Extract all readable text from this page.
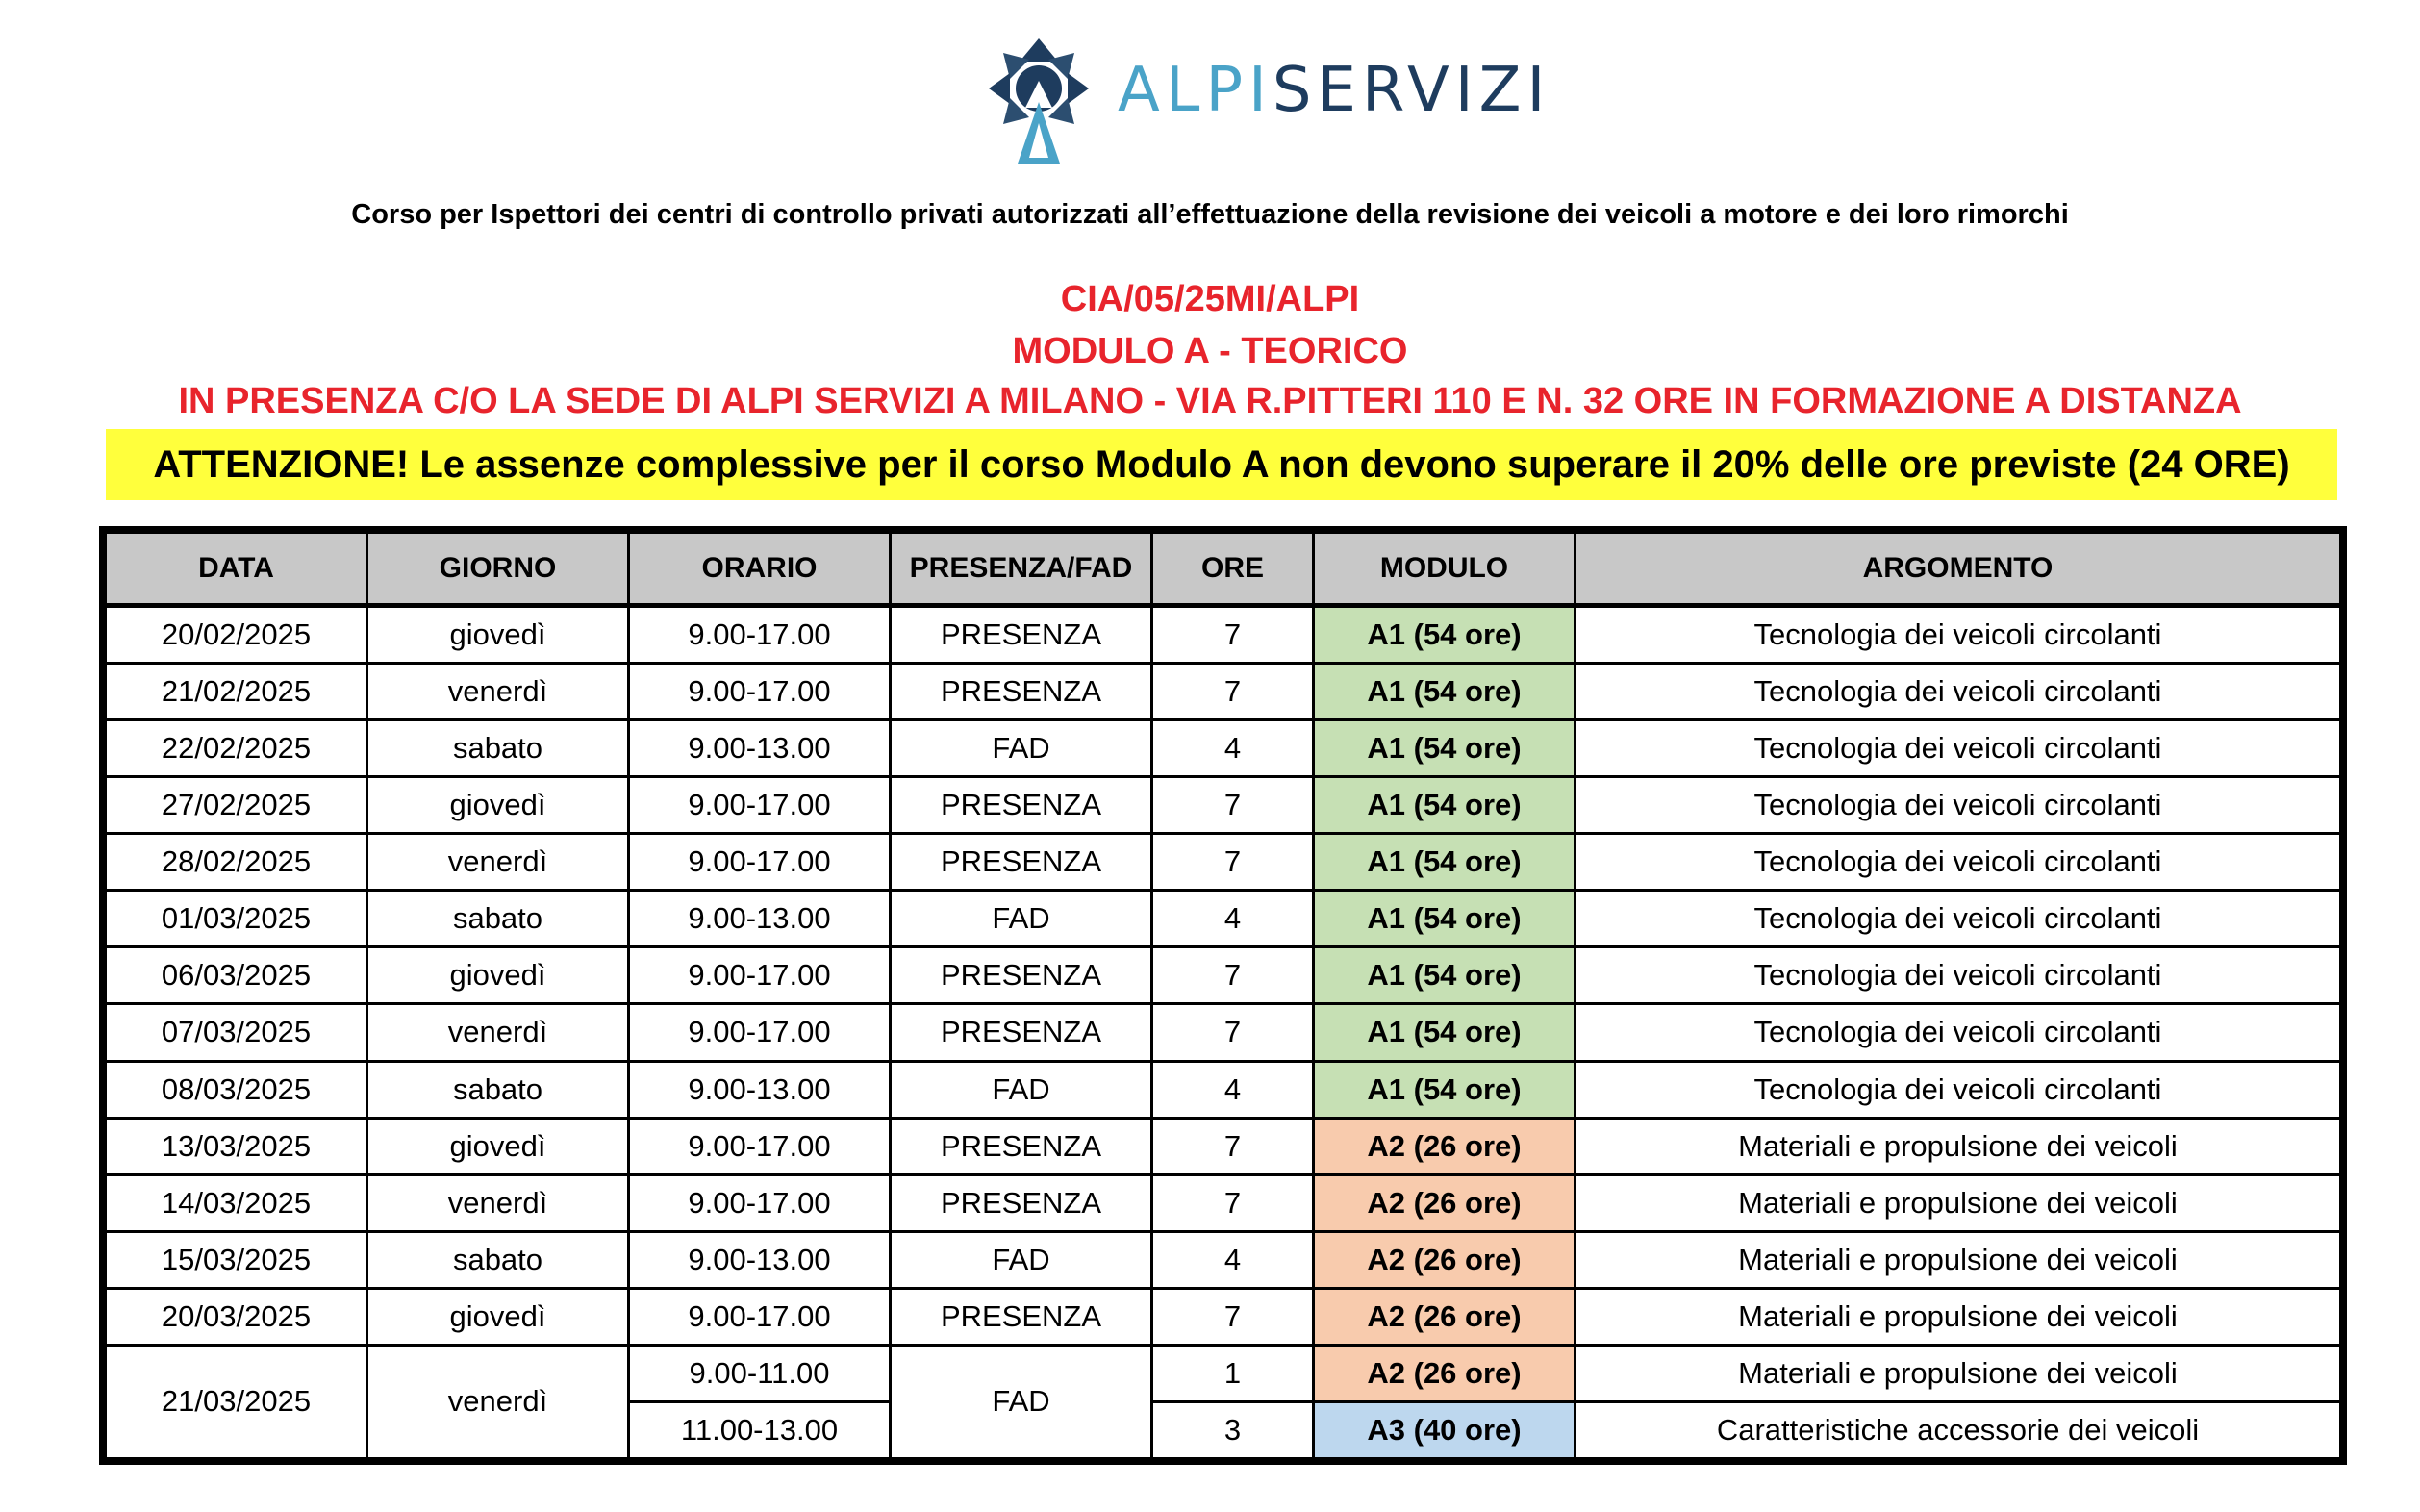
ALPISERVIZI
Corso per Ispettori dei centri di controllo privati autorizzati all’effettuazione della revisione dei veicoli a motore e dei loro rimorchi
CIA/05/25MI/ALPI
MODULO A - TEORICO
IN PRESENZA C/O LA SEDE DI ALPI SERVIZI A MILANO - VIA R.PITTERI 110 E N. 32 ORE IN FORMAZIONE A DISTANZA
ATTENZIONE! Le assenze complessive per il corso Modulo A non devono superare il 20% delle ore previste (24 ORE)
DATA	GIORNO	ORARIO	PRESENZA/FAD	ORE	MODULO	ARGOMENTO
20/02/2025	giovedì	9.00-17.00	PRESENZA	7	A1 (54 ore)	Tecnologia dei veicoli circolanti
21/02/2025	venerdì	9.00-17.00	PRESENZA	7	A1 (54 ore)	Tecnologia dei veicoli circolanti
22/02/2025	sabato	9.00-13.00	FAD	4	A1 (54 ore)	Tecnologia dei veicoli circolanti
27/02/2025	giovedì	9.00-17.00	PRESENZA	7	A1 (54 ore)	Tecnologia dei veicoli circolanti
28/02/2025	venerdì	9.00-17.00	PRESENZA	7	A1 (54 ore)	Tecnologia dei veicoli circolanti
01/03/2025	sabato	9.00-13.00	FAD	4	A1 (54 ore)	Tecnologia dei veicoli circolanti
06/03/2025	giovedì	9.00-17.00	PRESENZA	7	A1 (54 ore)	Tecnologia dei veicoli circolanti
07/03/2025	venerdì	9.00-17.00	PRESENZA	7	A1 (54 ore)	Tecnologia dei veicoli circolanti
08/03/2025	sabato	9.00-13.00	FAD	4	A1 (54 ore)	Tecnologia dei veicoli circolanti
13/03/2025	giovedì	9.00-17.00	PRESENZA	7	A2 (26 ore)	Materiali e propulsione dei veicoli
14/03/2025	venerdì	9.00-17.00	PRESENZA	7	A2 (26 ore)	Materiali e propulsione dei veicoli
15/03/2025	sabato	9.00-13.00	FAD	4	A2 (26 ore)	Materiali e propulsione dei veicoli
20/03/2025	giovedì	9.00-17.00	PRESENZA	7	A2 (26 ore)	Materiali e propulsione dei veicoli
21/03/2025	venerdì	9.00-11.00	FAD	1	A2 (26 ore)	Materiali e propulsione dei veicoli
		11.00-13.00		3	A3 (40 ore)	Caratteristiche accessorie dei veicoli
